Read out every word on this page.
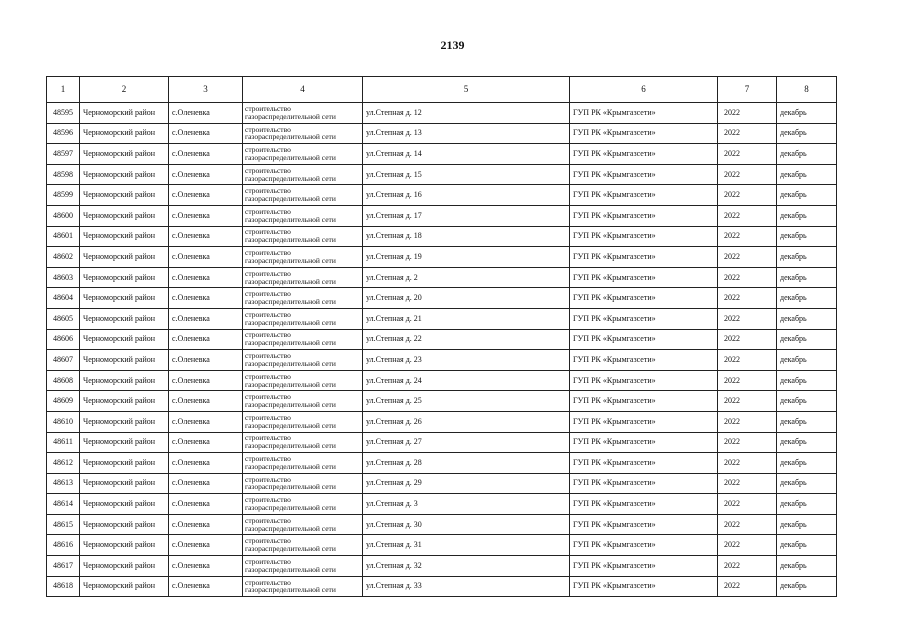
2139
1	2	3	4	5	6	7	8
48595	Черноморский район	с.Оленевка	строительство газораспределительной сети	ул.Степная д. 12	ГУП РК «Крымгазсети»	2022	декабрь
48596	Черноморский район	с.Оленевка	строительство газораспределительной сети	ул.Степная д. 13	ГУП РК «Крымгазсети»	2022	декабрь
48597	Черноморский район	с.Оленевка	строительство газораспределительной сети	ул.Степная д. 14	ГУП РК «Крымгазсети»	2022	декабрь
48598	Черноморский район	с.Оленевка	строительство газораспределительной сети	ул.Степная д. 15	ГУП РК «Крымгазсети»	2022	декабрь
48599	Черноморский район	с.Оленевка	строительство газораспределительной сети	ул.Степная д. 16	ГУП РК «Крымгазсети»	2022	декабрь
48600	Черноморский район	с.Оленевка	строительство газораспределительной сети	ул.Степная д. 17	ГУП РК «Крымгазсети»	2022	декабрь
48601	Черноморский район	с.Оленевка	строительство газораспределительной сети	ул.Степная д. 18	ГУП РК «Крымгазсети»	2022	декабрь
48602	Черноморский район	с.Оленевка	строительство газораспределительной сети	ул.Степная д. 19	ГУП РК «Крымгазсети»	2022	декабрь
48603	Черноморский район	с.Оленевка	строительство газораспределительной сети	ул.Степная д. 2	ГУП РК «Крымгазсети»	2022	декабрь
48604	Черноморский район	с.Оленевка	строительство газораспределительной сети	ул.Степная д. 20	ГУП РК «Крымгазсети»	2022	декабрь
48605	Черноморский район	с.Оленевка	строительство газораспределительной сети	ул.Степная д. 21	ГУП РК «Крымгазсети»	2022	декабрь
48606	Черноморский район	с.Оленевка	строительство газораспределительной сети	ул.Степная д. 22	ГУП РК «Крымгазсети»	2022	декабрь
48607	Черноморский район	с.Оленевка	строительство газораспределительной сети	ул.Степная д. 23	ГУП РК «Крымгазсети»	2022	декабрь
48608	Черноморский район	с.Оленевка	строительство газораспределительной сети	ул.Степная д. 24	ГУП РК «Крымгазсети»	2022	декабрь
48609	Черноморский район	с.Оленевка	строительство газораспределительной сети	ул.Степная д. 25	ГУП РК «Крымгазсети»	2022	декабрь
48610	Черноморский район	с.Оленевка	строительство газораспределительной сети	ул.Степная д. 26	ГУП РК «Крымгазсети»	2022	декабрь
48611	Черноморский район	с.Оленевка	строительство газораспределительной сети	ул.Степная д. 27	ГУП РК «Крымгазсети»	2022	декабрь
48612	Черноморский район	с.Оленевка	строительство газораспределительной сети	ул.Степная д. 28	ГУП РК «Крымгазсети»	2022	декабрь
48613	Черноморский район	с.Оленевка	строительство газораспределительной сети	ул.Степная д. 29	ГУП РК «Крымгазсети»	2022	декабрь
48614	Черноморский район	с.Оленевка	строительство газораспределительной сети	ул.Степная д. 3	ГУП РК «Крымгазсети»	2022	декабрь
48615	Черноморский район	с.Оленевка	строительство газораспределительной сети	ул.Степная д. 30	ГУП РК «Крымгазсети»	2022	декабрь
48616	Черноморский район	с.Оленевка	строительство газораспределительной сети	ул.Степная д. 31	ГУП РК «Крымгазсети»	2022	декабрь
48617	Черноморский район	с.Оленевка	строительство газораспределительной сети	ул.Степная д. 32	ГУП РК «Крымгазсети»	2022	декабрь
48618	Черноморский район	с.Оленевка	строительство газораспределительной сети	ул.Степная д. 33	ГУП РК «Крымгазсети»	2022	декабрь
